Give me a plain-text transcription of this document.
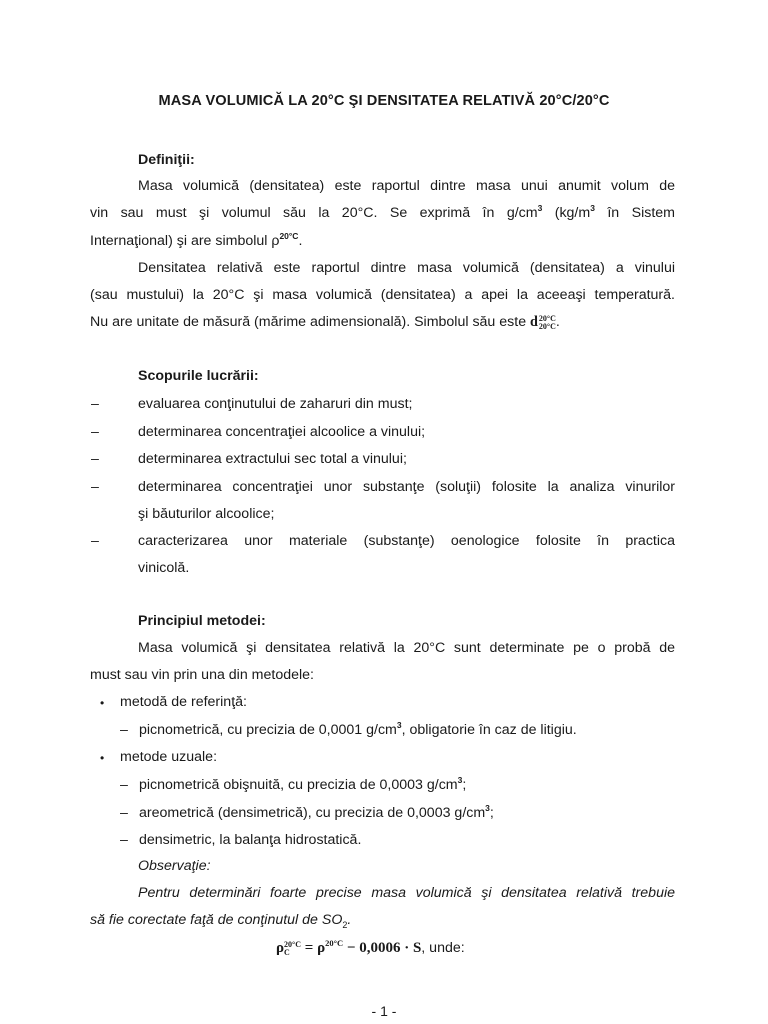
MASA VOLUMICĂ LA 20°C ŞI DENSITATEA RELATIVĂ 20°C/20°C
Definiţii:
Masa volumică (densitatea) este raportul dintre masa unui anumit volum de
vin sau must şi volumul său la 20°C. Se exprimă în $g/cm^3$ ($kg/m^3$ în Sistem
Internaţional) şi are simbolul $\rho^{20^\circ C}$.
Densitatea relativă este raportul dintre masa volumică (densitatea) a vinului
(sau mustului) la 20°C şi masa volumică (densitatea) a apei la aceeaşi temperatură.
Nu are unitate de măsură (mărime adimensională). Simbolul său este d 20°C
20°C .
Scopurile lucrării:
–	evaluarea conţinutului de zaharuri din must;
–	determinarea concentraţiei alcoolice a vinului;
–	determinarea extractului sec total a vinului;
–	determinarea concentraţiei unor substanţe (soluţii) folosite la analiza vinurilor
şi băuturilor alcoolice;
–	caracterizarea unor materiale (substanţe) oenologice folosite în practica
vinicolă.
Principiul metodei:
Masa volumică şi densitatea relativă la 20°C sunt determinate pe o probă de
must sau vin prin una din metodele:
• metodă de referinţă:
– picnometrică, cu precizia de 0,0001 $g/cm^3$, obligatorie în caz de litigiu.
• metode uzuale:
– picnometrică obişnuită, cu precizia de 0,0003 $g/cm^3$;
– areometrică (densimetrică), cu precizia de 0,0003 $g/cm^3$;
– densimetric, la balanţa hidrostatică.
Observaţie:
Pentru determinări foarte precise masa volumică şi densitatea relativă trebuie
să fie corectate faţă de conţinutul de $SO_2$.
ρ 20°C
$C = \rho^{20^\circ C} - 0,0006 \cdot S$, unde:
- 1 -
